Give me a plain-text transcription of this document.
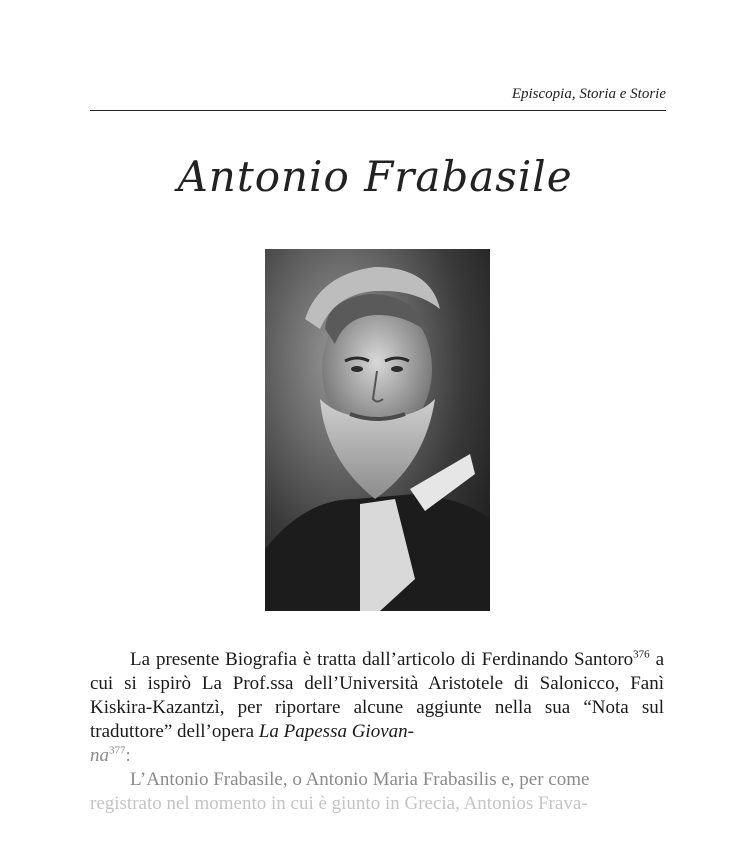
Episcopia, Storia e Storie
Antonio Frabasile

La presente Biografia è tratta dall’articolo di Ferdinando Santoro$^{376}$ a cui si ispirò La Prof.ssa dell’Università Aristotele di Salonicco, Fanì Kiskira-Kazantzì, per riportare alcune aggiunte nella sua “Nota sul traduttore” dell’opera La Papessa Giovan-
$na^{377}$:

L’Antonio Frabasile, o Antonio Maria Frabasilis e, per come

registrato nel momento in cui è giunto in Grecia, Antonios Frava-
